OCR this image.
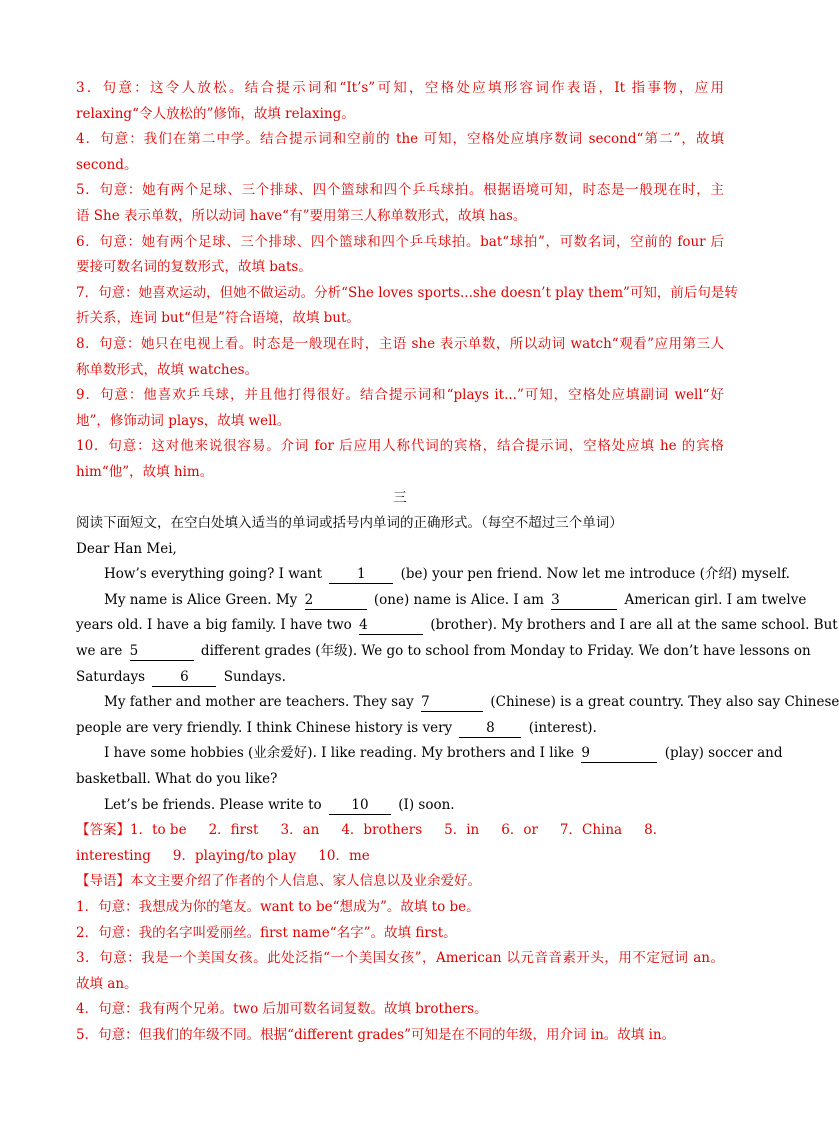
3．句意：这令人放松。结合提示词和“It’s”可知，空格处应填形容词作表语，It 指事物，应用
relaxing“令人放松的”修饰，故填 relaxing。
4．句意：我们在第二中学。结合提示词和空前的 the 可知，空格处应填序数词 second“第二”，故填
second。
5．句意：她有两个足球、三个排球、四个篮球和四个乒乓球拍。根据语境可知，时态是一般现在时，主
语 She 表示单数，所以动词 have“有”要用第三人称单数形式，故填 has。
6．句意：她有两个足球、三个排球、四个篮球和四个乒乓球拍。bat“球拍”，可数名词，空前的 four 后
要接可数名词的复数形式，故填 bats。
7．句意：她喜欢运动，但她不做运动。分析“She loves sports...she doesn’t play them”可知，前后句是转
折关系，连词 but“但是”符合语境，故填 but。
8．句意：她只在电视上看。时态是一般现在时，主语 she 表示单数，所以动词 watch“观看”应用第三人
称单数形式，故填 watches。
9．句意：他喜欢乒乓球，并且他打得很好。结合提示词和“plays it...”可知，空格处应填副词 well“好
地”，修饰动词 plays，故填 well。
10．句意：这对他来说很容易。介词 for 后应用人称代词的宾格，结合提示词，空格处应填 he 的宾格
him“他”，故填 him。
三
阅读下面短文，在空白处填入适当的单词或括号内单词的正确形式。（每空不超过三个单词）
Dear Han Mei,
How’s everything going? I want	1	(be) your pen friend. Now let me introduce (介绍) myself.
My name is Alice Green. My 2	(one) name is Alice. I am 3	American girl. I am twelve
years old. I have a big family. I have two 4	(brother). My brothers and I are all at the same school. But
we are 5	different grades (年级). We go to school from Monday to Friday. We don’t have lessons on
Saturdays	6	Sundays.
My father and mother are teachers. They say 7	(Chinese) is a great country. They also say Chinese
people are very friendly. I think Chinese history is very	8	(interest).
I have some hobbies (业余爱好). I like reading. My brothers and I like 9	(play) soccer and
basketball. What do you like?
Let’s be friends. Please write to 10 (I) soon.
【答案】1．to be 2．first 3．an 4．brothers 5．in 6．or 7．China 8．
interesting 9．playing/to play 10．me
【导语】本文主要介绍了作者的个人信息、家人信息以及业余爱好。
1．句意：我想成为你的笔友。want to be“想成为”。故填 to be。
2．句意：我的名字叫爱丽丝。first name“名字”。故填 first。
3．句意：我是一个美国女孩。此处泛指“一个美国女孩”，American 以元音音素开头，用不定冠词 an。
故填 an。
4．句意：我有两个兄弟。two 后加可数名词复数。故填 brothers。
5．句意：但我们的年级不同。根据“different grades”可知是在不同的年级，用介词 in。故填 in。
